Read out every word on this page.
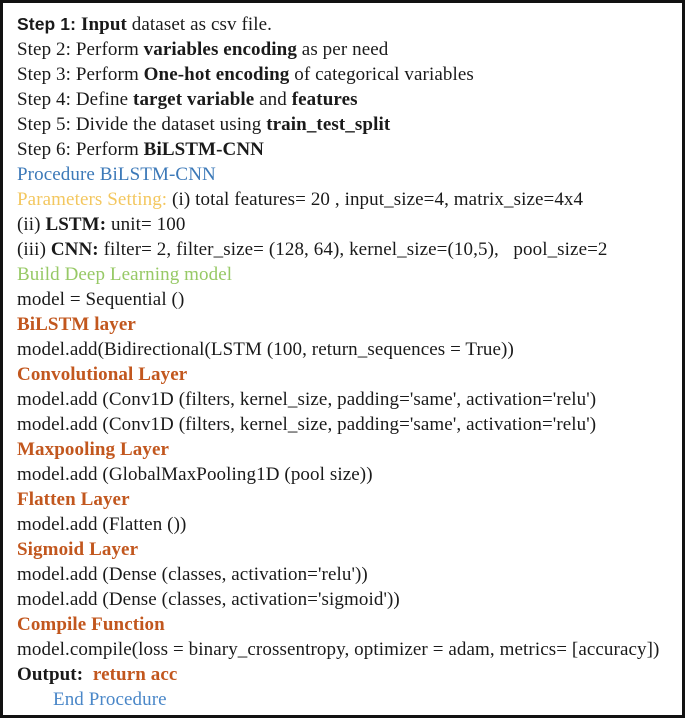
Step 1: Input dataset as csv file.
Step 2: Perform variables encoding as per need
Step 3: Perform One-hot encoding of categorical variables
Step 4: Define target variable and features
Step 5: Divide the dataset using train_test_split
Step 6: Perform BiLSTM-CNN
Procedure BiLSTM-CNN
Parameters Setting: (i) total features= 20 , input_size=4, matrix_size=4x4
(ii) LSTM: unit= 100
(iii) CNN: filter= 2, filter_size= (128, 64), kernel_size=(10,5),   pool_size=2
Build Deep Learning model
model = Sequential ()
BiLSTM layer
model.add(Bidirectional(LSTM (100, return_sequences = True))
Convolutional Layer
model.add (Conv1D (filters, kernel_size, padding='same', activation='relu')
model.add (Conv1D (filters, kernel_size, padding='same', activation='relu')
Maxpooling Layer
model.add (GlobalMaxPooling1D (pool size))
Flatten Layer
model.add (Flatten ())
Sigmoid Layer
model.add (Dense (classes, activation='relu'))
model.add (Dense (classes, activation='sigmoid'))
Compile Function
model.compile(loss = binary_crossentropy, optimizer = adam, metrics= [accuracy])
Output:  return acc
End Procedure
